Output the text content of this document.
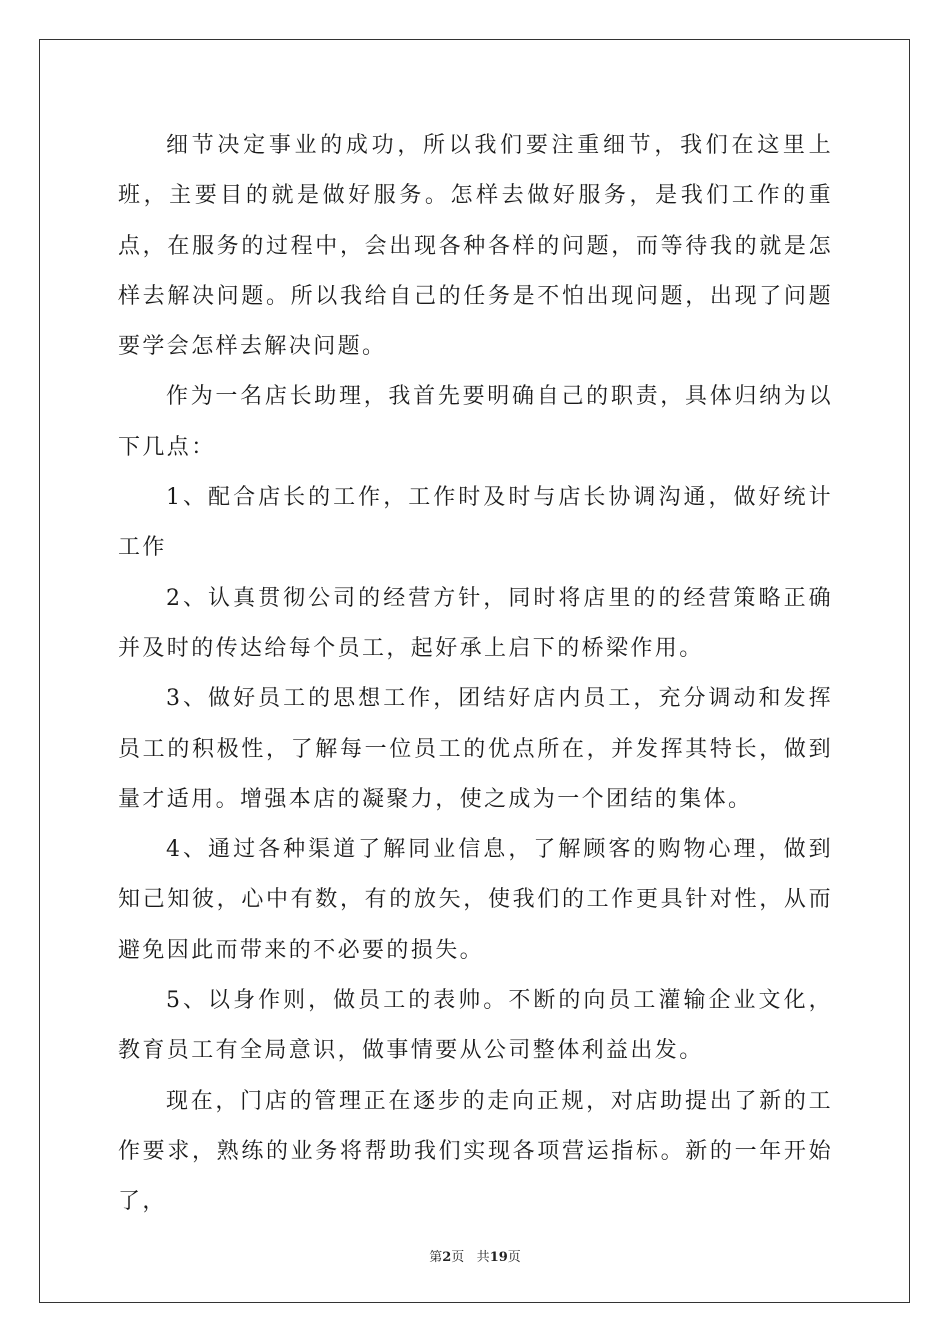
细节决定事业的成功，所以我们要注重细节，我们在这里上班，主要目的就是做好服务。怎样去做好服务，是我们工作的重点，在服务的过程中，会出现各种各样的问题，而等待我的就是怎样去解决问题。所以我给自己的任务是不怕出现问题，出现了问题要学会怎样去解决问题。

作为一名店长助理，我首先要明确自己的职责，具体归纳为以下几点：

1、配合店长的工作，工作时及时与店长协调沟通，做好统计工作

2、认真贯彻公司的经营方针，同时将店里的的经营策略正确并及时的传达给每个员工，起好承上启下的桥梁作用。

3、做好员工的思想工作，团结好店内员工，充分调动和发挥员工的积极性，了解每一位员工的优点所在，并发挥其特长，做到量才适用。增强本店的凝聚力，使之成为一个团结的集体。

4、通过各种渠道了解同业信息，了解顾客的购物心理，做到知己知彼，心中有数，有的放矢，使我们的工作更具针对性，从而避免因此而带来的不必要的损失。

5、以身作则，做员工的表帅。不断的向员工灌输企业文化，教育员工有全局意识，做事情要从公司整体利益出发。

现在，门店的管理正在逐步的走向正规，对店助提出了新的工作要求，熟练的业务将帮助我们实现各项营运指标。新的一年开始了，

第2页 共19页
